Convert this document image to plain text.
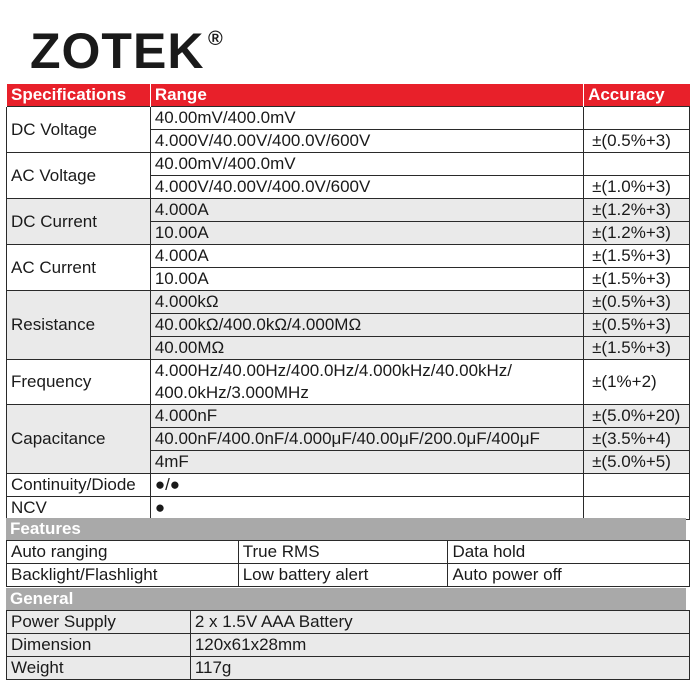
ZOTEK ®
Specifications	Range	Accuracy
DC Voltage	40.00mV/400.0mV	
	4.000V/40.00V/400.0V/600V	±(0.5%+3)
AC Voltage	40.00mV/400.0mV	
	4.000V/40.00V/400.0V/600V	±(1.0%+3)
DC Current	4.000A	±(1.2%+3)
	10.00A	±(1.2%+3)
AC Current	4.000A	±(1.5%+3)
	10.00A	±(1.5%+3)
Resistance	4.000kΩ	±(0.5%+3)
	40.00kΩ/400.0kΩ/4.000MΩ	±(0.5%+3)
	40.00MΩ	±(1.5%+3)
Frequency	4.000Hz/40.00Hz/400.0Hz/4.000kHz/40.00kHz/
400.0kHz/3.000MHz	±(1%+2)
Capacitance	4.000nF	±(5.0%+20)
	40.00nF/400.0nF/4.000μF/40.00μF/200.0μF/400μF	±(3.5%+4)
	4mF	±(5.0%+5)
Continuity/Diode	●/●	
NCV	●	
Features
Auto ranging	True RMS	Data hold
Backlight/Flashlight	Low battery alert	Auto power off
General
Power Supply	2 x 1.5V AAA Battery
Dimension	120x61x28mm
Weight	117g
